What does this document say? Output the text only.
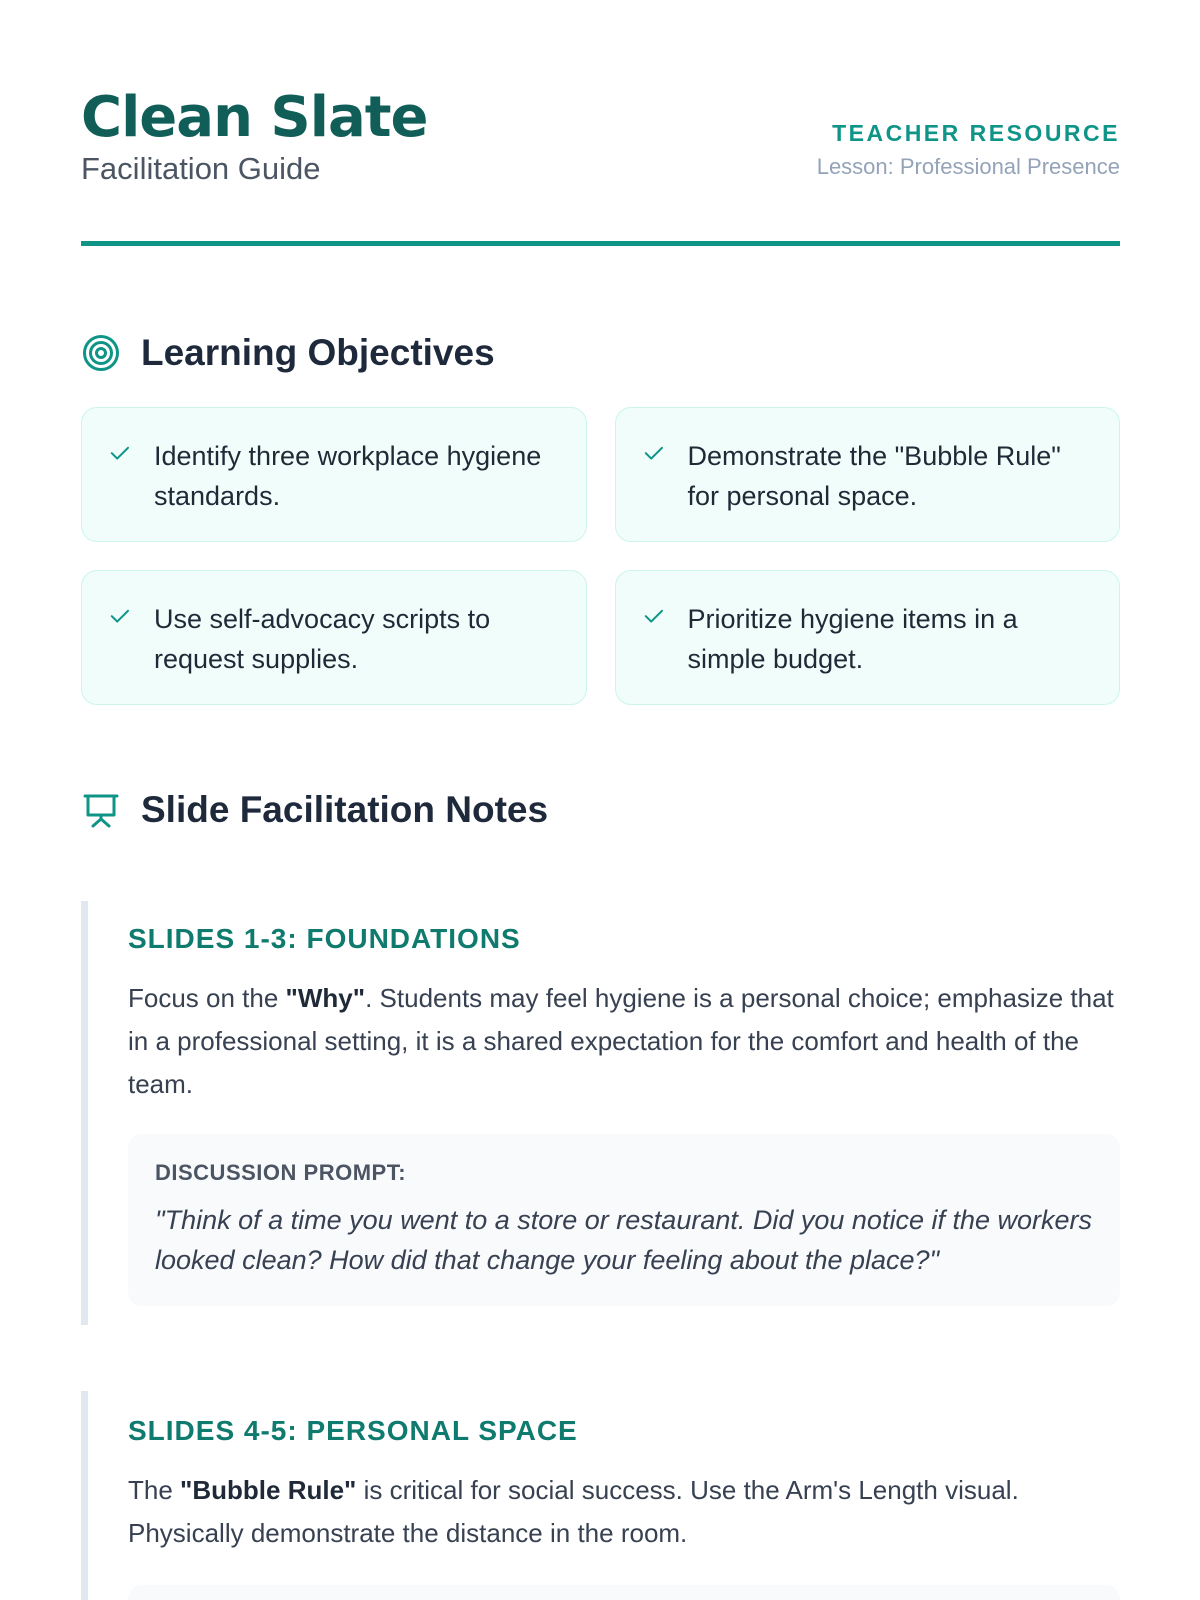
Clean Slate
Facilitation Guide
TEACHER RESOURCE
Lesson: Professional Presence
Learning Objectives
Identify three workplace hygiene standards.
Demonstrate the "Bubble Rule" for personal space.
Use self-advocacy scripts to request supplies.
Prioritize hygiene items in a simple budget.
Slide Facilitation Notes
SLIDES 1-3: FOUNDATIONS

Focus on the "Why". Students may feel hygiene is a personal choice; emphasize that in a professional setting, it is a shared expectation for the comfort and health of the team.

DISCUSSION PROMPT:
"Think of a time you went to a store or restaurant. Did you notice if the workers looked clean? How did that change your feeling about the place?"
SLIDES 4-5: PERSONAL SPACE

The "Bubble Rule" is critical for social success. Use the Arm's Length visual. Physically demonstrate the distance in the room.
